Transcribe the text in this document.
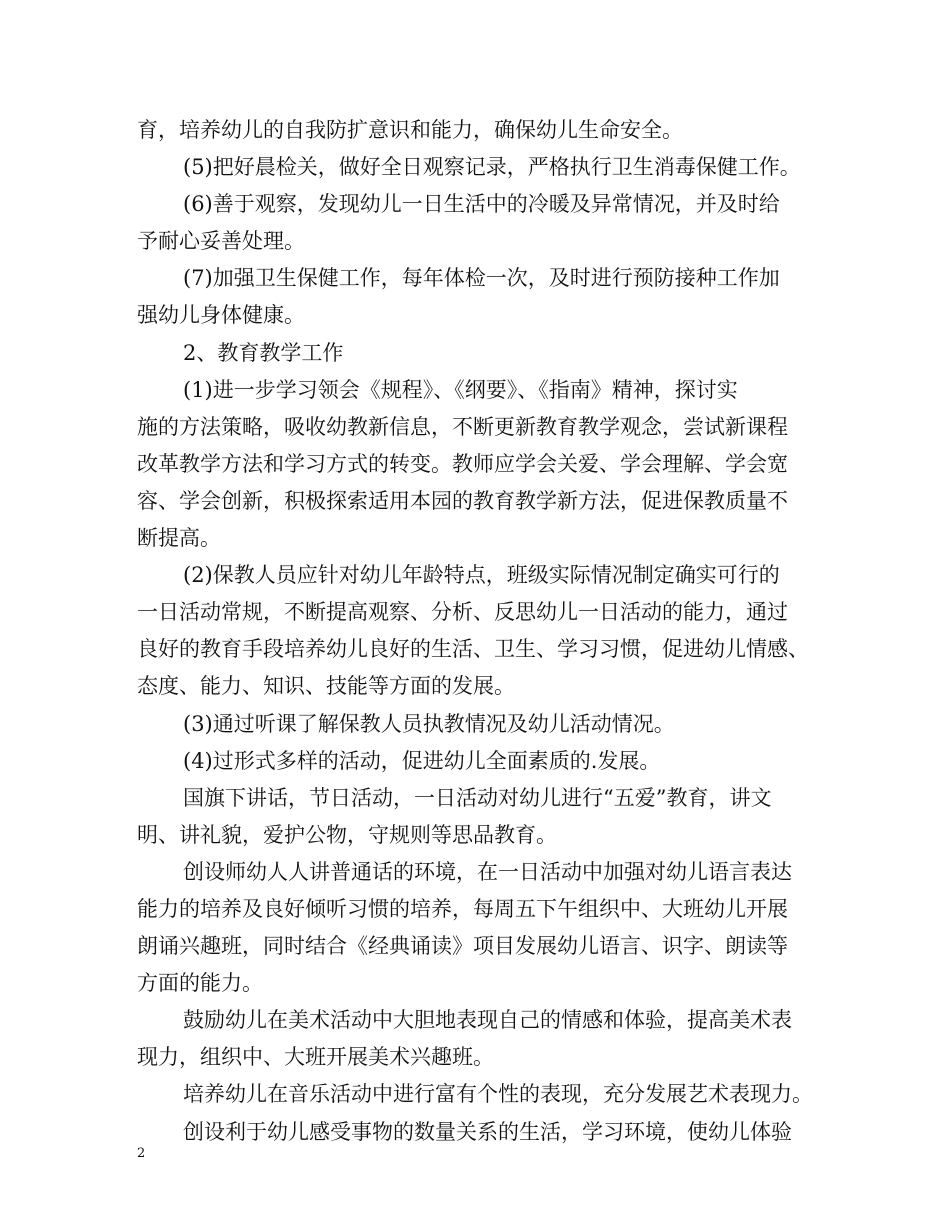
育，培养幼儿的自我防扩意识和能力，确保幼儿生命安全。
(5)把好晨检关，做好全日观察记录，严格执行卫生消毒保健工作。
(6)善于观察，发现幼儿一日生活中的冷暖及异常情况，并及时给
予耐心妥善处理。
(7)加强卫生保健工作，每年体检一次，及时进行预防接种工作加
强幼儿身体健康。
2、教育教学工作
(1)进一步学习领会《规程》、《纲要》、《指南》精神，探讨实
施的方法策略，吸收幼教新信息，不断更新教育教学观念，尝试新课程
改革教学方法和学习方式的转变。教师应学会关爱、学会理解、学会宽
容、学会创新，积极探索适用本园的教育教学新方法，促进保教质量不
断提高。
(2)保教人员应针对幼儿年龄特点，班级实际情况制定确实可行的
一日活动常规，不断提高观察、分析、反思幼儿一日活动的能力，通过
良好的教育手段培养幼儿良好的生活、卫生、学习习惯，促进幼儿情感、
态度、能力、知识、技能等方面的发展。
(3)通过听课了解保教人员执教情况及幼儿活动情况。
(4)过形式多样的活动，促进幼儿全面素质的.发展。
国旗下讲话，节日活动，一日活动对幼儿进行“五爱”教育，讲文
明、讲礼貌，爱护公物，守规则等思品教育。
创设师幼人人讲普通话的环境，在一日活动中加强对幼儿语言表达
能力的培养及良好倾听习惯的培养，每周五下午组织中、大班幼儿开展
朗诵兴趣班，同时结合《经典诵读》项目发展幼儿语言、识字、朗读等
方面的能力。
鼓励幼儿在美术活动中大胆地表现自己的情感和体验，提高美术表
现力，组织中、大班开展美术兴趣班。
培养幼儿在音乐活动中进行富有个性的表现，充分发展艺术表现力。
创设利于幼儿感受事物的数量关系的生活，学习环境，使幼儿体验
2
